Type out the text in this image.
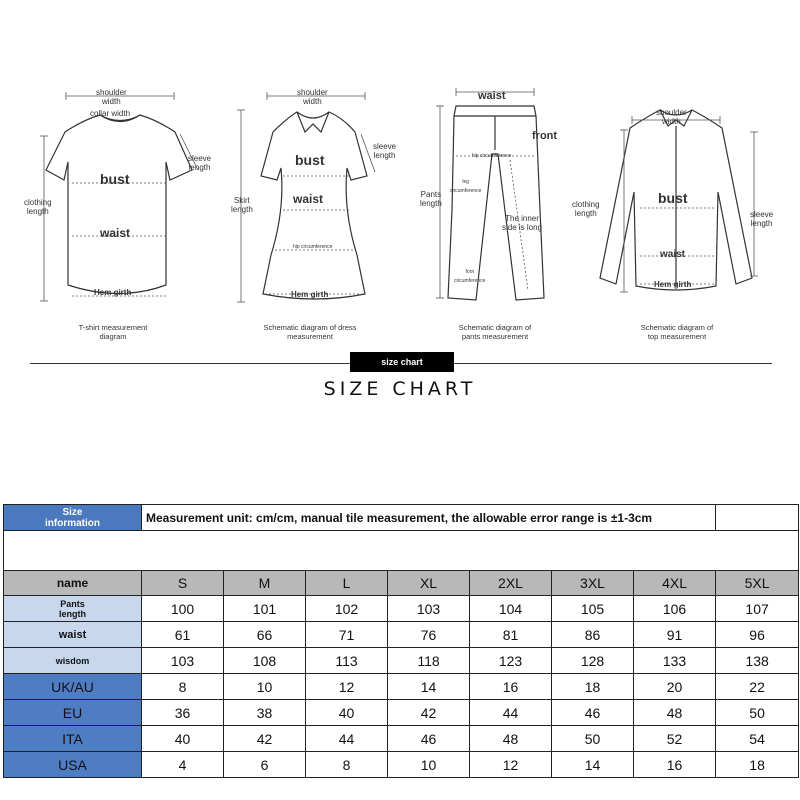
shoulder
width
collar width
sleeve
length
clothing
length
bust
waist
Hem girth
T-shirt measurement
diagram
shoulder
width
sleeve
length
Skirt
length
bust
waist
hip circumference
Hem girth
Schematic diagram of dress
measurement
waist
front
hip circumference
leg
circumference
Pants
length
The inner
side is long
foot
circumference
Schematic diagram of
pants measurement
shoulder
width
clothing
length	sleeve
length
bust
waist
Hem girth
Schematic diagram of
top measurement
size chart
SIZE CHART
Size
information	Measurement unit: cm/cm, manual tile measurement, the allowable error range is ±1-3cm							

name	S	M	L	XL	2XL	3XL	4XL	5XL
Pants
length	100	101	102	103	104	105	106	107
waist	61	66	71	76	81	86	91	96
wisdom	103	108	113	118	123	128	133	138
UK/AU	8	10	12	14	16	18	20	22
EU	36	38	40	42	44	46	48	50
ITA	40	42	44	46	48	50	52	54
USA	4	6	8	10	12	14	16	18
